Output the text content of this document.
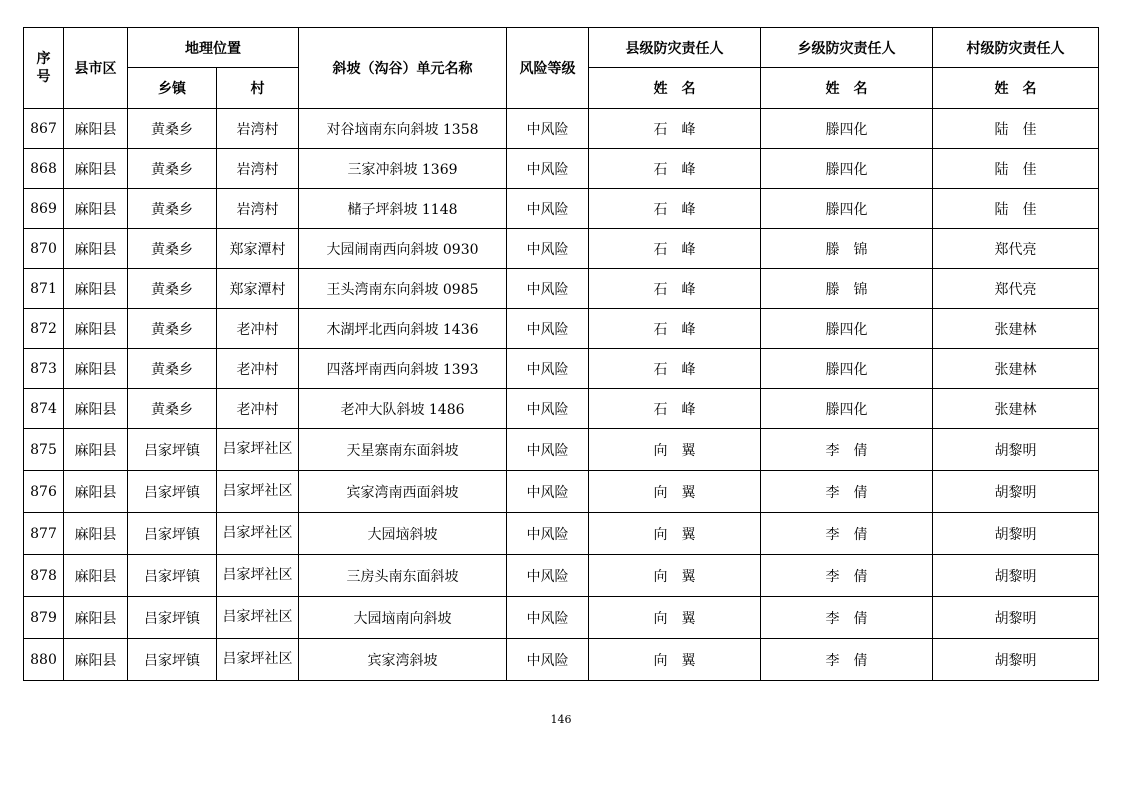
序
号	县市区	地理位置		斜坡（沟谷）单元名称	风险等级	县级防灾责任人	乡级防灾责任人	村级防灾责任人
		乡镇	村			姓　名	姓　名	姓　名
867	麻阳县	黄桑乡	岩湾村	对谷垴南东向斜坡 1358	中风险	石　峰	滕四化	陆　佳
868	麻阳县	黄桑乡	岩湾村	三家冲斜坡 1369	中风险	石　峰	滕四化	陆　佳
869	麻阳县	黄桑乡	岩湾村	槠子坪斜坡 1148	中风险	石　峰	滕四化	陆　佳
870	麻阳县	黄桑乡	郑家潭村	大园闹南西向斜坡 0930	中风险	石　峰	滕　锦	郑代亮
871	麻阳县	黄桑乡	郑家潭村	王头湾南东向斜坡 0985	中风险	石　峰	滕　锦	郑代亮
872	麻阳县	黄桑乡	老冲村	木湖坪北西向斜坡 1436	中风险	石　峰	滕四化	张建林
873	麻阳县	黄桑乡	老冲村	四落坪南西向斜坡 1393	中风险	石　峰	滕四化	张建林
874	麻阳县	黄桑乡	老冲村	老冲大队斜坡 1486	中风险	石　峰	滕四化	张建林
875	麻阳县	吕家坪镇	吕家坪社区	天星寨南东面斜坡	中风险	向　翼	李　倩	胡黎明
876	麻阳县	吕家坪镇	吕家坪社区	宾家湾南西面斜坡	中风险	向　翼	李　倩	胡黎明
877	麻阳县	吕家坪镇	吕家坪社区	大园垴斜坡	中风险	向　翼	李　倩	胡黎明
878	麻阳县	吕家坪镇	吕家坪社区	三房头南东面斜坡	中风险	向　翼	李　倩	胡黎明
879	麻阳县	吕家坪镇	吕家坪社区	大园垴南向斜坡	中风险	向　翼	李　倩	胡黎明
880	麻阳县	吕家坪镇	吕家坪社区	宾家湾斜坡	中风险	向　翼	李　倩	胡黎明
146
